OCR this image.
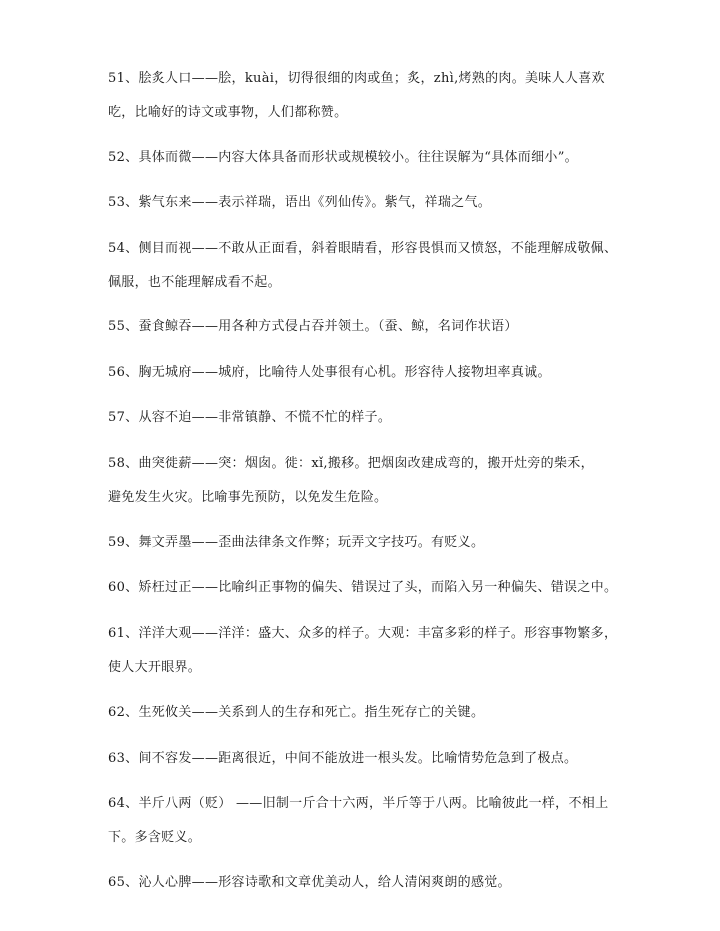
51、脍炙人口——脍，kuài，切得很细的肉或鱼；炙，zhì,烤熟的肉。美味人人喜欢

吃，比喻好的诗文或事物，人们都称赞。

52、具体而微——内容大体具备而形状或规模较小。往往误解为“具体而细小”。

53、紫气东来——表示祥瑞，语出《列仙传》。紫气，祥瑞之气。

54、侧目而视——不敢从正面看，斜着眼睛看，形容畏惧而又愤怒，不能理解成敬佩、

佩服，也不能理解成看不起。

55、蚕食鲸吞——用各种方式侵占吞并领土。（蚕、鲸，名词作状语）

56、胸无城府——城府，比喻待人处事很有心机。形容待人接物坦率真诚。

57、从容不迫——非常镇静、不慌不忙的样子。

58、曲突徙薪——突：烟囱。徙：xǐ,搬移。把烟囱改建成弯的，搬开灶旁的柴禾，

避免发生火灾。比喻事先预防，以免发生危险。

59、舞文弄墨——歪曲法律条文作弊；玩弄文字技巧。有贬义。

60、矫枉过正——比喻纠正事物的偏失、错误过了头，而陷入另一种偏失、错误之中。

61、洋洋大观——洋洋：盛大、众多的样子。大观：丰富多彩的样子。形容事物繁多，

使人大开眼界。

62、生死攸关——关系到人的生存和死亡。指生死存亡的关键。

63、间不容发——距离很近，中间不能放进一根头发。比喻情势危急到了极点。

64、半斤八两（贬） ——旧制一斤合十六两，半斤等于八两。比喻彼此一样，不相上

下。多含贬义。

65、沁人心脾——形容诗歌和文章优美动人，给人清闲爽朗的感觉。
